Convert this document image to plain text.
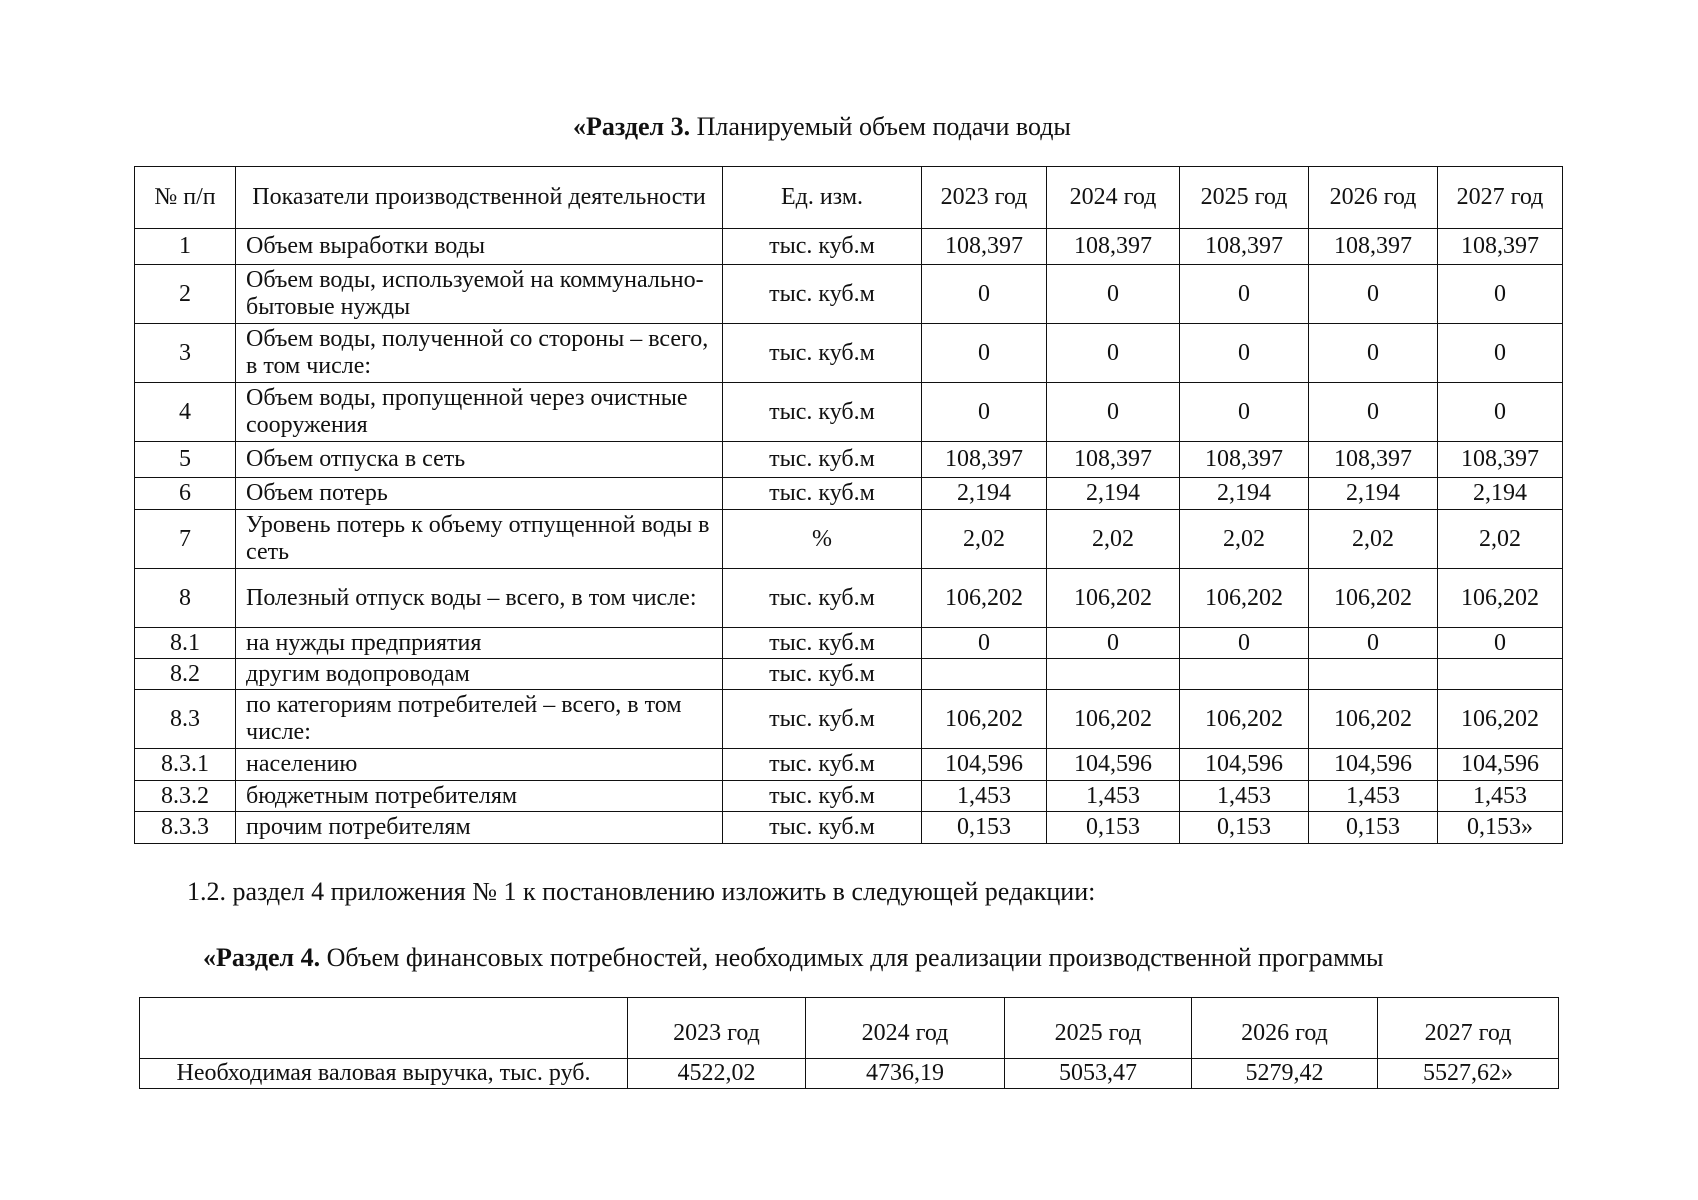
«Раздел 3. Планируемый объем подачи воды
№ п/п	Показатели производственной деятельности	Ед. изм.	2023 год	2024 год	2025 год	2026 год	2027 год
1	Объем выработки воды	тыс. куб.м	108,397	108,397	108,397	108,397	108,397
2	Объем воды, используемой на коммунально-бытовые нужды	тыс. куб.м	0	0	0	0	0
3	Объем воды, полученной со стороны – всего, в том числе:	тыс. куб.м	0	0	0	0	0
4	Объем воды, пропущенной через очистные сооружения	тыс. куб.м	0	0	0	0	0
5	Объем отпуска в сеть	тыс. куб.м	108,397	108,397	108,397	108,397	108,397
6	Объем потерь	тыс. куб.м	2,194	2,194	2,194	2,194	2,194
7	Уровень потерь к объему отпущенной воды в сеть	%	2,02	2,02	2,02	2,02	2,02
8	Полезный отпуск воды – всего, в том числе:	тыс. куб.м	106,202	106,202	106,202	106,202	106,202
8.1	на нужды предприятия	тыс. куб.м	0	0	0	0	0
8.2	другим водопроводам	тыс. куб.м					
8.3	по категориям потребителей – всего, в том числе:	тыс. куб.м	106,202	106,202	106,202	106,202	106,202
8.3.1	населению	тыс. куб.м	104,596	104,596	104,596	104,596	104,596
8.3.2	бюджетным потребителям	тыс. куб.м	1,453	1,453	1,453	1,453	1,453
8.3.3	прочим потребителям	тыс. куб.м	0,153	0,153	0,153	0,153	0,153»
1.2. раздел 4 приложения № 1 к постановлению изложить в следующей редакции:
«Раздел 4. Объем финансовых потребностей, необходимых для реализации производственной программы
	2023 год	2024 год	2025 год	2026 год	2027 год
Необходимая валовая выручка, тыс. руб.	4522,02	4736,19	5053,47	5279,42	5527,62»
